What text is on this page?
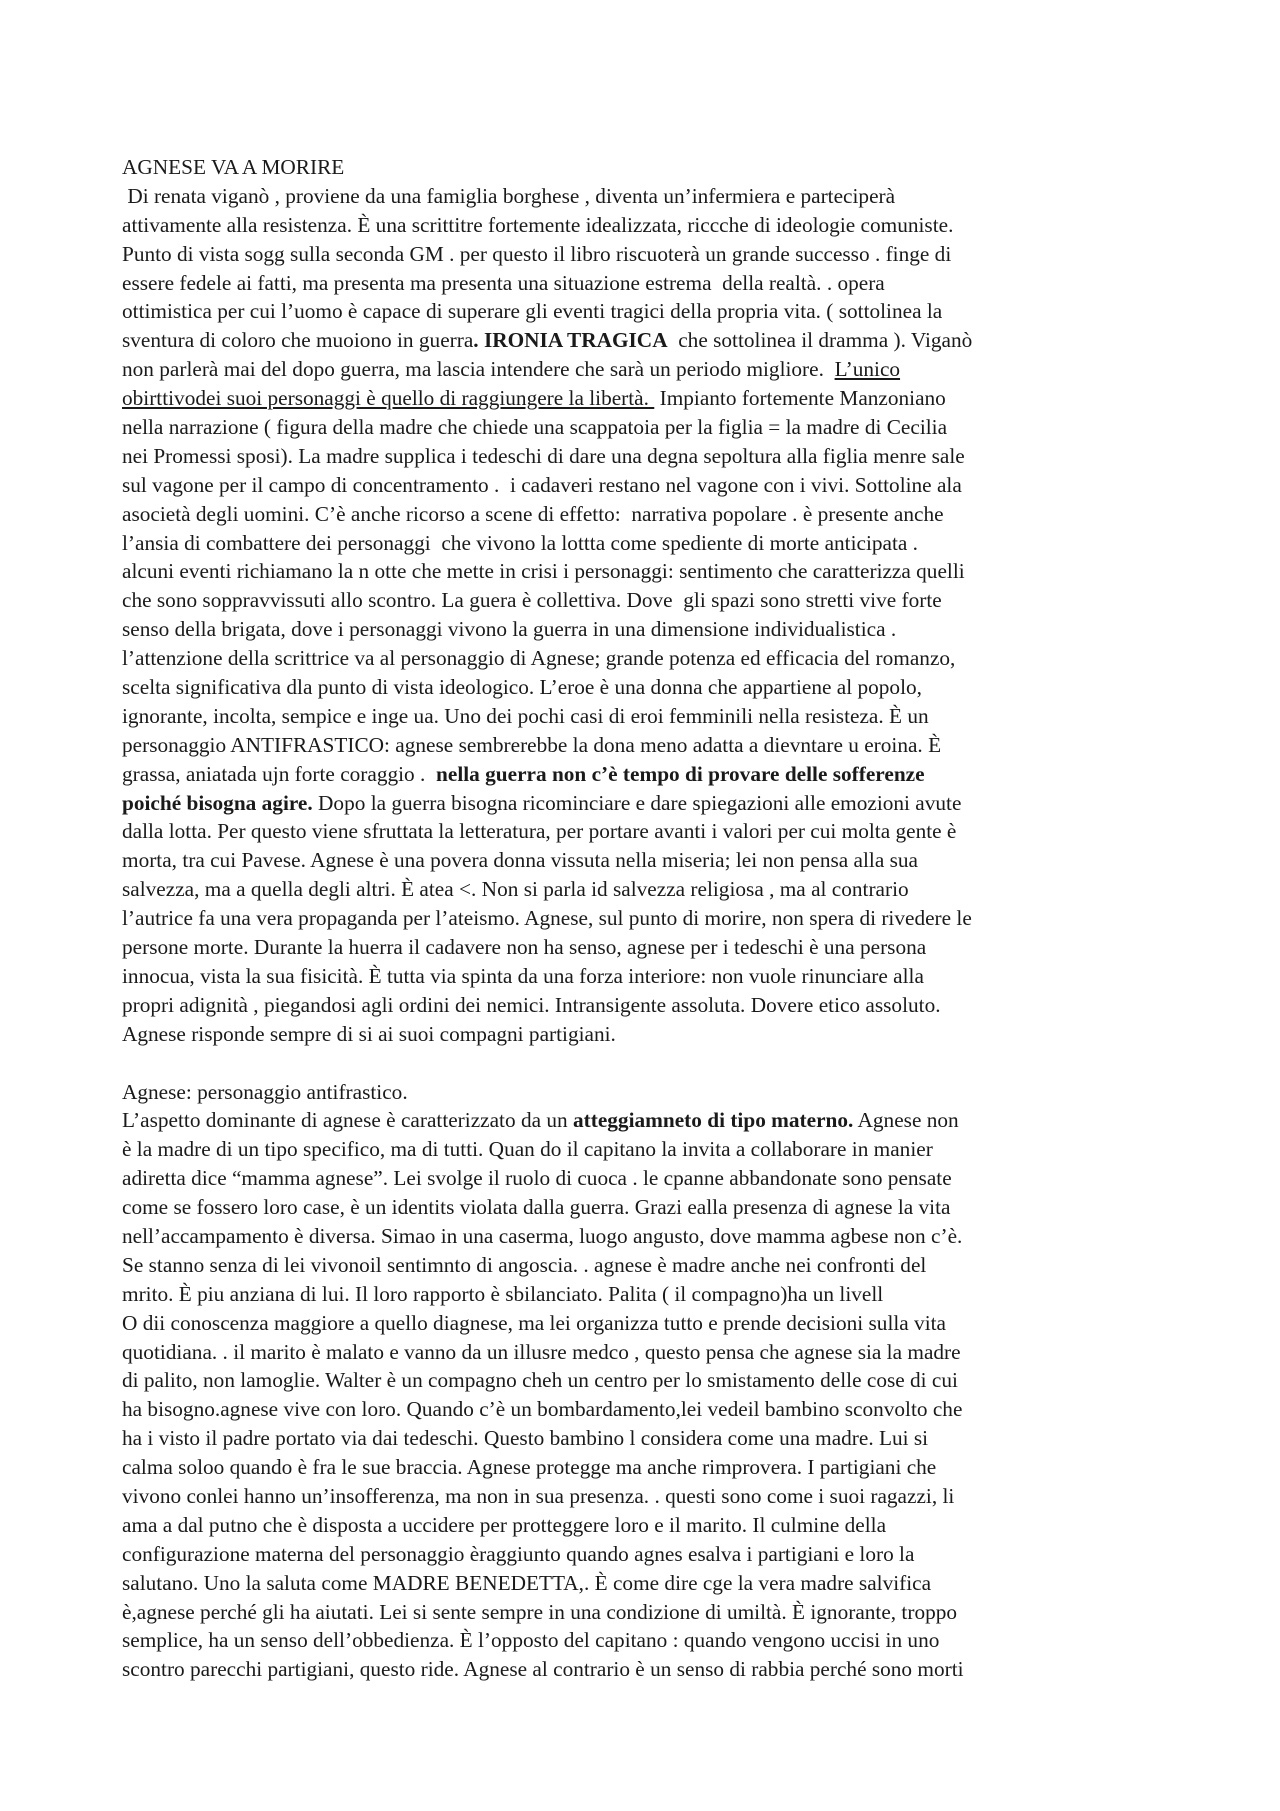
AGNESE VA A MORIRE
Di renata viganò , proviene da una famiglia borghese , diventa un’infermiera e parteciperà
attivamente alla resistenza. È una scrittitre fortemente idealizzata, riccche di ideologie comuniste.
Punto di vista sogg sulla seconda GM . per questo il libro riscuoterà un grande successo . finge di
essere fedele ai fatti, ma presenta ma presenta una situazione estrema  della realtà. . opera
ottimistica per cui l’uomo è capace di superare gli eventi tragici della propria vita. ( sottolinea la
sventura di coloro che muoiono in guerra. IRONIA TRAGICA  che sottolinea il dramma ). Viganò
non parlerà mai del dopo guerra, ma lascia intendere che sarà un periodo migliore.  L’unico
obirttivodei suoi personaggi è quello di raggiungere la libertà.  Impianto fortemente Manzoniano
nella narrazione ( figura della madre che chiede una scappatoia per la figlia = la madre di Cecilia
nei Promessi sposi). La madre supplica i tedeschi di dare una degna sepoltura alla figlia menre sale
sul vagone per il campo di concentramento .  i cadaveri restano nel vagone con i vivi. Sottoline ala
asocietà degli uomini. C’è anche ricorso a scene di effetto:  narrativa popolare . è presente anche
l’ansia di combattere dei personaggi  che vivono la lottta come spediente di morte anticipata .
alcuni eventi richiamano la n otte che mette in crisi i personaggi: sentimento che caratterizza quelli
che sono soppravvissuti allo scontro. La guera è collettiva. Dove  gli spazi sono stretti vive forte
senso della brigata, dove i personaggi vivono la guerra in una dimensione individualistica .
l’attenzione della scrittrice va al personaggio di Agnese; grande potenza ed efficacia del romanzo,
scelta significativa dla punto di vista ideologico. L’eroe è una donna che appartiene al popolo,
ignorante, incolta, sempice e inge ua. Uno dei pochi casi di eroi femminili nella resisteza. È un
personaggio ANTIFRASTICO: agnese sembrerebbe la dona meno adatta a dievntare u eroina. È
grassa, aniatada ujn forte coraggio .  nella guerra non c’è tempo di provare delle sofferenze
poiché bisogna agire. Dopo la guerra bisogna ricominciare e dare spiegazioni alle emozioni avute
dalla lotta. Per questo viene sfruttata la letteratura, per portare avanti i valori per cui molta gente è
morta, tra cui Pavese. Agnese è una povera donna vissuta nella miseria; lei non pensa alla sua
salvezza, ma a quella degli altri. È atea <. Non si parla id salvezza religiosa , ma al contrario
l’autrice fa una vera propaganda per l’ateismo. Agnese, sul punto di morire, non spera di rivedere le
persone morte. Durante la huerra il cadavere non ha senso, agnese per i tedeschi è una persona
innocua, vista la sua fisicità. È tutta via spinta da una forza interiore: non vuole rinunciare alla
propri adignità , piegandosi agli ordini dei nemici. Intransigente assoluta. Dovere etico assoluto.
Agnese risponde sempre di si ai suoi compagni partigiani.
Agnese: personaggio antifrastico.
L’aspetto dominante di agnese è caratterizzato da un atteggiamneto di tipo materno. Agnese non
è la madre di un tipo specifico, ma di tutti. Quan do il capitano la invita a collaborare in manier
adiretta dice “mamma agnese”. Lei svolge il ruolo di cuoca . le cpanne abbandonate sono pensate
come se fossero loro case, è un identits violata dalla guerra. Grazi ealla presenza di agnese la vita
nell’accampamento è diversa. Simao in una caserma, luogo angusto, dove mamma agbese non c’è.
Se stanno senza di lei vivonoil sentimnto di angoscia. . agnese è madre anche nei confronti del
mrito. È piu anziana di lui. Il loro rapporto è sbilanciato. Palita ( il compagno)ha un livell
O dii conoscenza maggiore a quello diagnese, ma lei organizza tutto e prende decisioni sulla vita
quotidiana. . il marito è malato e vanno da un illusre medco , questo pensa che agnese sia la madre
di palito, non lamoglie. Walter è un compagno cheh un centro per lo smistamento delle cose di cui
ha bisogno.agnese vive con loro. Quando c’è un bombardamento,lei vedeil bambino sconvolto che
ha i visto il padre portato via dai tedeschi. Questo bambino l considera come una madre. Lui si
calma soloo quando è fra le sue braccia. Agnese protegge ma anche rimprovera. I partigiani che
vivono conlei hanno un’insofferenza, ma non in sua presenza. . questi sono come i suoi ragazzi, li
ama a dal putno che è disposta a uccidere per protteggere loro e il marito. Il culmine della
configurazione materna del personaggio èraggiunto quando agnes esalva i partigiani e loro la
salutano. Uno la saluta come MADRE BENEDETTA,. È come dire cge la vera madre salvifica
è,agnese perché gli ha aiutati. Lei si sente sempre in una condizione di umiltà. È ignorante, troppo
semplice, ha un senso dell’obbedienza. È l’opposto del capitano : quando vengono uccisi in uno
scontro parecchi partigiani, questo ride. Agnese al contrario è un senso di rabbia perché sono morti
